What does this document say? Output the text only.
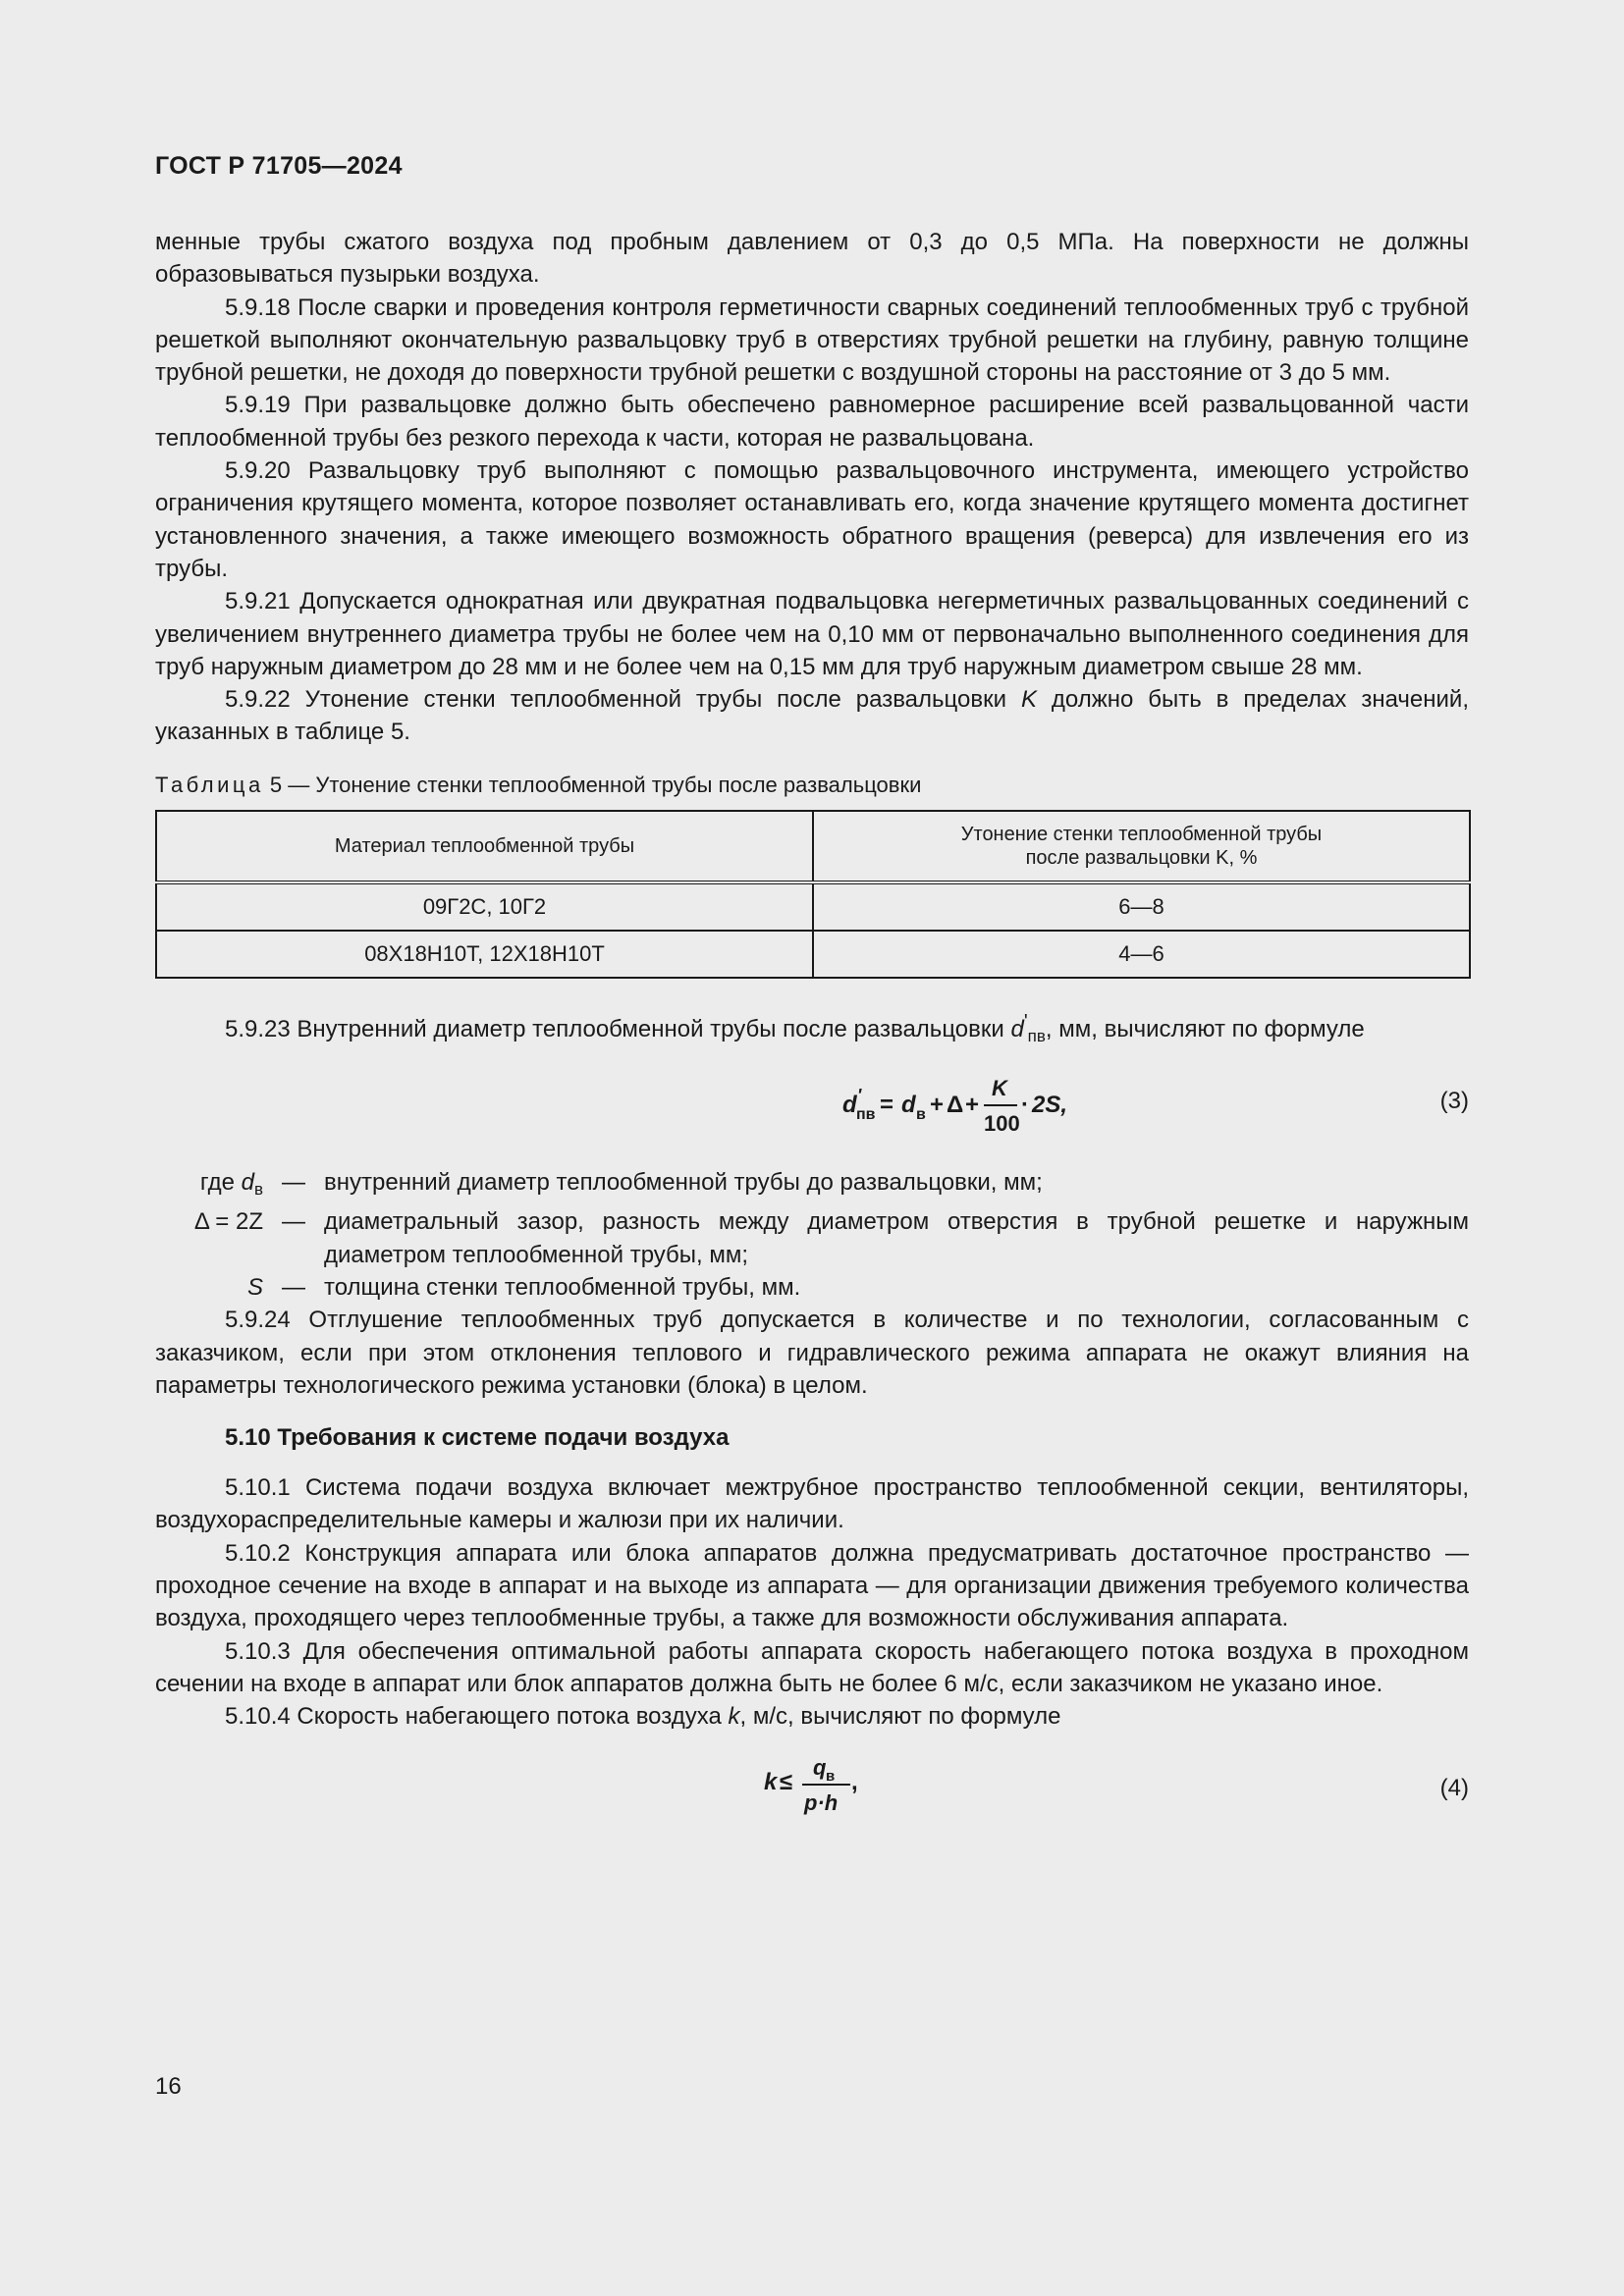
ГОСТ Р 71705—2024

менные трубы сжатого воздуха под пробным давлением от 0,3 до 0,5 МПа. На поверхности не должны образовываться пузырьки воздуха.

5.9.18 После сварки и проведения контроля герметичности сварных соединений теплообменных труб с трубной решеткой выполняют окончательную развальцовку труб в отверстиях трубной решетки на глубину, равную толщине трубной решетки, не доходя до поверхности трубной решетки с воздушной стороны на расстояние от 3 до 5 мм.

5.9.19 При развальцовке должно быть обеспечено равномерное расширение всей развальцованной части теплообменной трубы без резкого перехода к части, которая не развальцована.

5.9.20 Развальцовку труб выполняют с помощью развальцовочного инструмента, имеющего устройство ограничения крутящего момента, которое позволяет останавливать его, когда значение крутящего момента достигнет установленного значения, а также имеющего возможность обратного вращения (реверса) для извлечения его из трубы.

5.9.21 Допускается однократная или двукратная подвальцовка негерметичных развальцованных соединений с увеличением внутреннего диаметра трубы не более чем на 0,10 мм от первоначально выполненного соединения для труб наружным диаметром до 28 мм и не более чем на 0,15 мм для труб наружным диаметром свыше 28 мм.

5.9.22 Утонение стенки теплообменной трубы после развальцовки K должно быть в пределах значений, указанных в таблице 5.

Таблица 5 — Утонение стенки теплообменной трубы после развальцовки
Материал теплообменной трубы	Утонение стенки теплообменной трубы
после развальцовки K, %
09Г2С, 10Г2	6—8
08Х18Н10Т, 12Х18Н10Т	4—6

5.9.23 Внутренний диаметр теплообменной трубы после развальцовки $d'_{пв}$, мм, вычисляют по формуле

d '
пв = d в + Δ +
K
100
· 2S,	(3)
где $d_в$ — внутренний диаметр теплообменной трубы до развальцовки, мм;
Δ = 2Z — диаметральный зазор, разность между диаметром отверстия в трубной решетке и наружным диаметром теплообменной трубы, мм;
S — толщина стенки теплообменной трубы, мм.

5.9.24 Отглушение теплообменных труб допускается в количестве и по технологии, согласованным с заказчиком, если при этом отклонения теплового и гидравлического режима аппарата не окажут влияния на параметры технологического режима установки (блока) в целом.

5.10 Требования к системе подачи воздуха

5.10.1 Система подачи воздуха включает межтрубное пространство теплообменной секции, вентиляторы, воздухораспределительные камеры и жалюзи при их наличии.

5.10.2 Конструкция аппарата или блока аппаратов должна предусматривать достаточное пространство — проходное сечение на входе в аппарат и на выходе из аппарата — для организации движения требуемого количества воздуха, проходящего через теплообменные трубы, а также для возможности обслуживания аппарата.

5.10.3 Для обеспечения оптимальной работы аппарата скорость набегающего потока воздуха в проходном сечении на входе в аппарат или блок аппаратов должна быть не более 6 м/с, если заказчиком не указано иное.

5.10.4 Скорость набегающего потока воздуха k, м/с, вычисляют по формуле

k ≤
q в
p·h
,	(4)
16
